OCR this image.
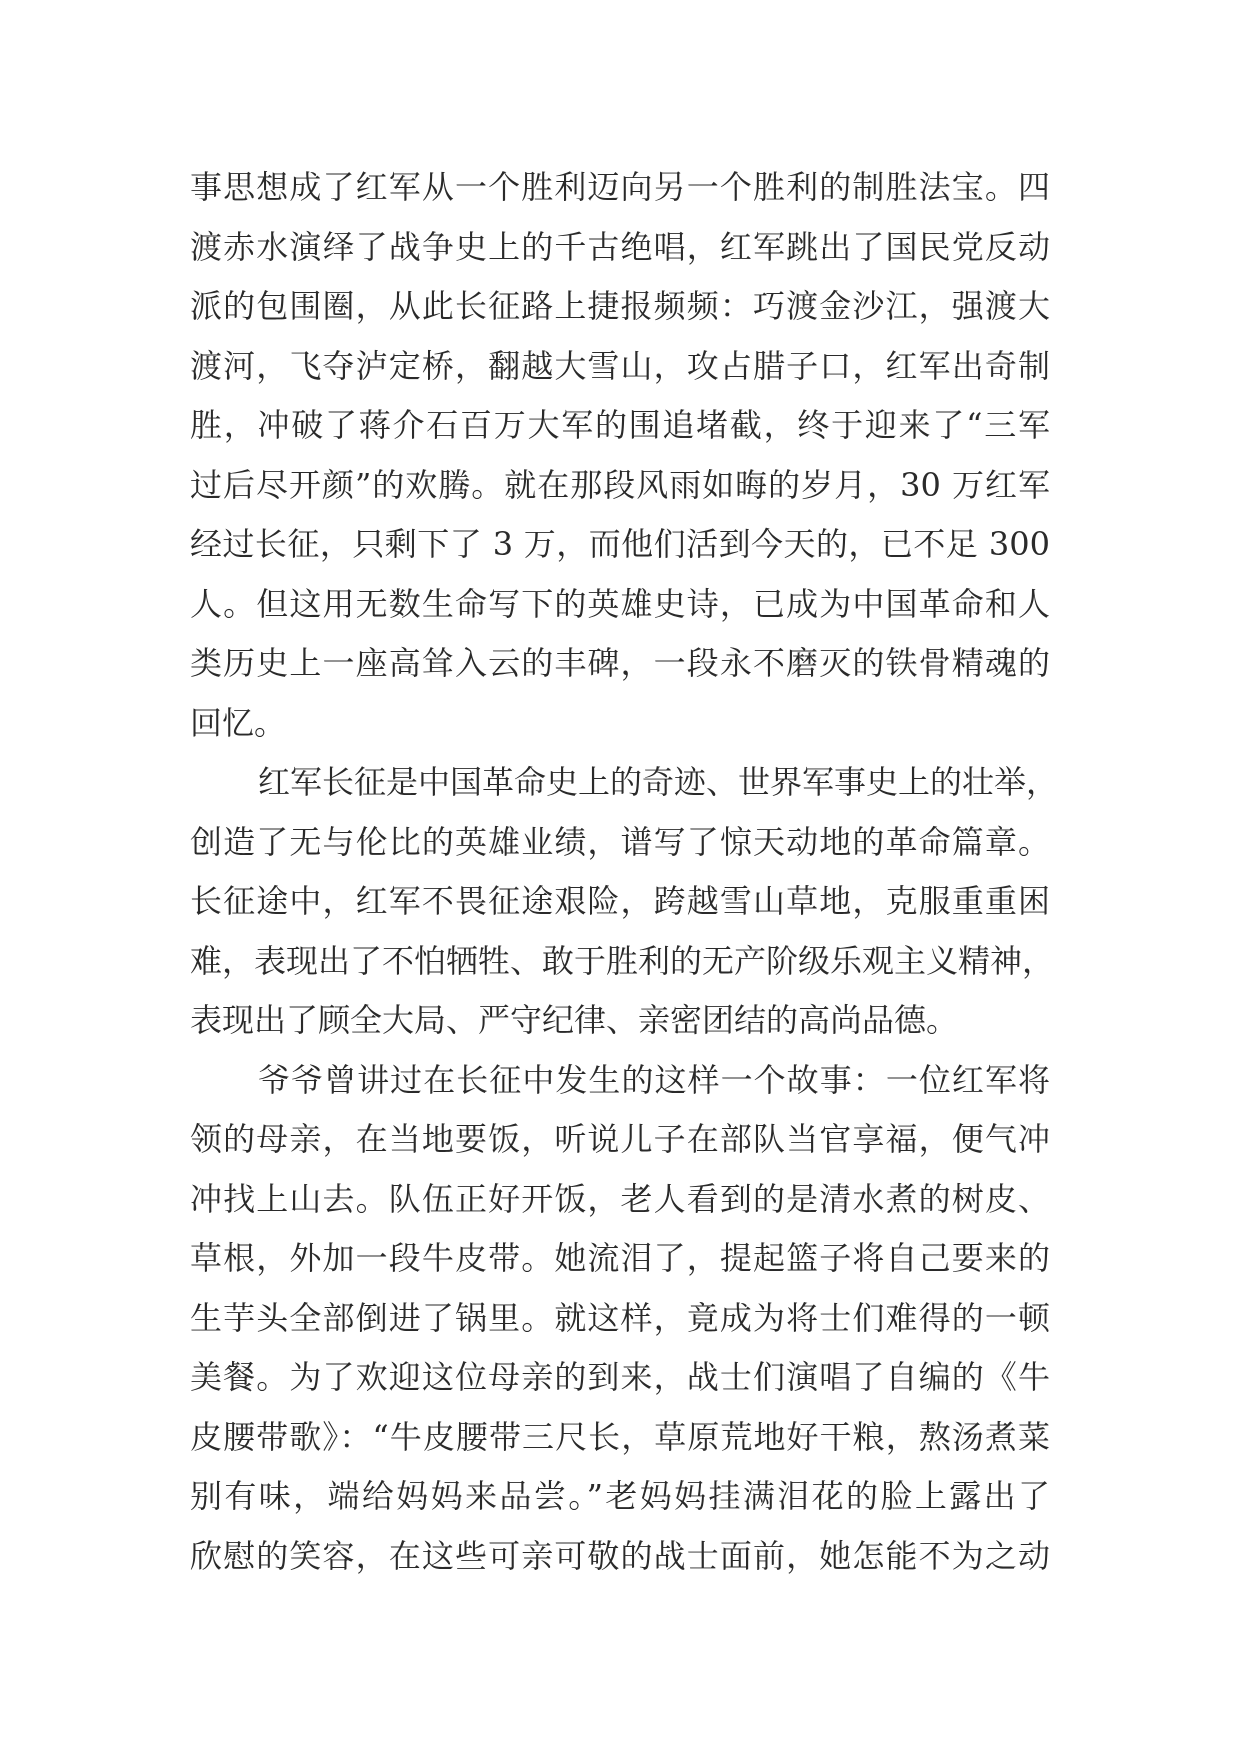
事思想成了红军从一个胜利迈向另一个胜利的制胜法宝。四
渡赤水演绎了战争史上的千古绝唱，红军跳出了国民党反动
派的包围圈，从此长征路上捷报频频：巧渡金沙江，强渡大
渡河，飞夺泸定桥，翻越大雪山，攻占腊子口，红军出奇制
胜，冲破了蒋介石百万大军的围追堵截，终于迎来了“三军
过后尽开颜”的欢腾。就在那段风雨如晦的岁月，30 万红军
经过长征，只剩下了 3 万，而他们活到今天的，已不足 300
人。但这用无数生命写下的英雄史诗，已成为中国革命和人
类历史上一座高耸入云的丰碑，一段永不磨灭的铁骨精魂的
回忆。
红军长征是中国革命史上的奇迹、世界军事史上的壮举，
创造了无与伦比的英雄业绩，谱写了惊天动地的革命篇章。
长征途中，红军不畏征途艰险，跨越雪山草地，克服重重困
难，表现出了不怕牺牲、敢于胜利的无产阶级乐观主义精神，
表现出了顾全大局、严守纪律、亲密团结的高尚品德。
爷爷曾讲过在长征中发生的这样一个故事：一位红军将
领的母亲，在当地要饭，听说儿子在部队当官享福，便气冲
冲找上山去。队伍正好开饭，老人看到的是清水煮的树皮、
草根，外加一段牛皮带。她流泪了，提起篮子将自己要来的
生芋头全部倒进了锅里。就这样，竟成为将士们难得的一顿
美餐。为了欢迎这位母亲的到来，战士们演唱了自编的《牛
皮腰带歌》：“牛皮腰带三尺长，草原荒地好干粮，熬汤煮菜
别有味，端给妈妈来品尝。”老妈妈挂满泪花的脸上露出了
欣慰的笑容，在这些可亲可敬的战士面前，她怎能不为之动
